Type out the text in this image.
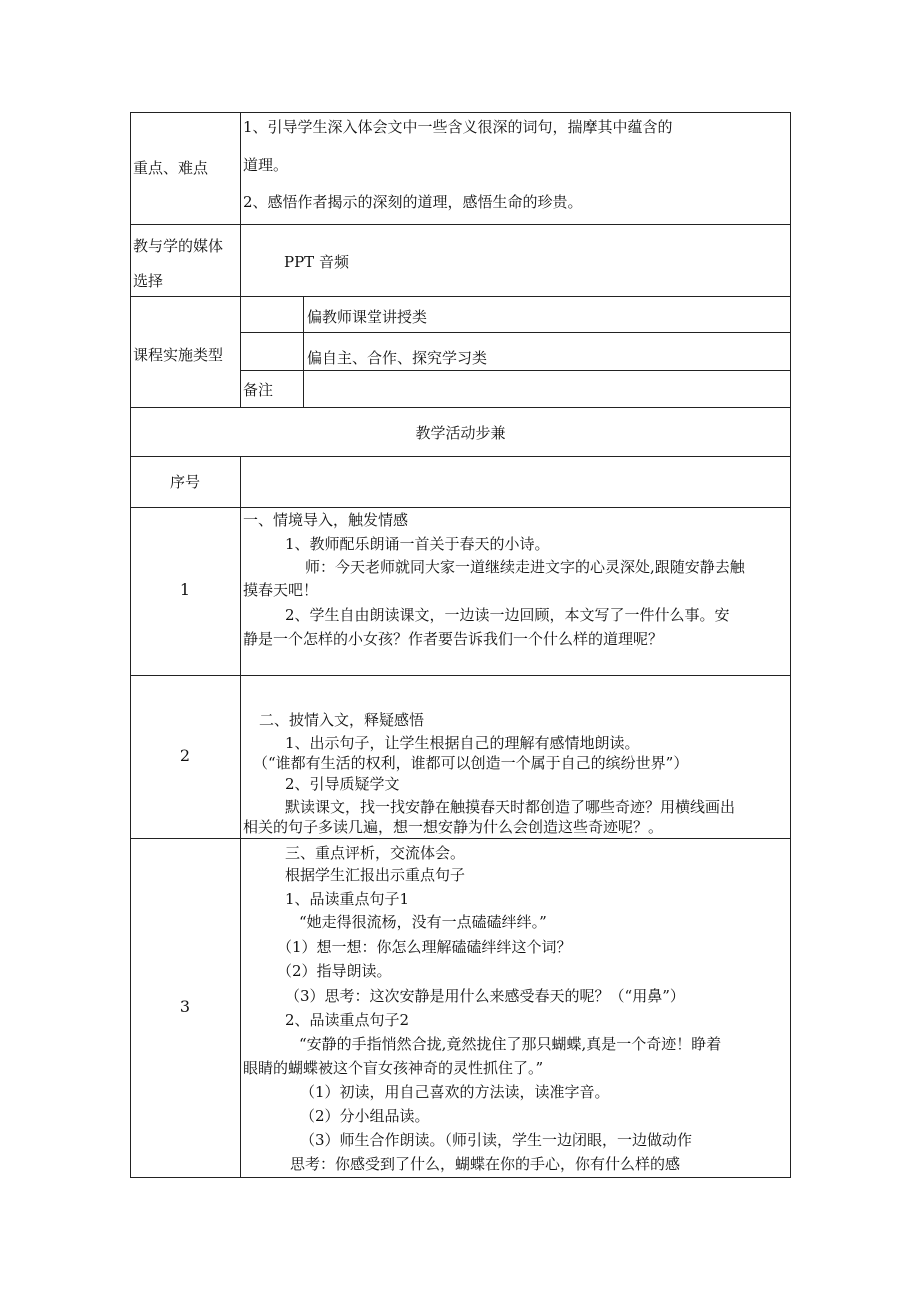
重点、难点
1、引导学生深入体会文中一些含义很深的词句，揣摩其中蕴含的
道理。
2、感悟作者揭示的深刻的道理，感悟生命的珍贵。
教与学的媒体
选择
PPT 音频
课程实施类型
偏教师课堂讲授类
偏自主、合作、探究学习类
备注
教学活动步兼
序号
1
一、情境导入，触发情感
1、教师配乐朗诵一首关于春天的小诗。
师：今天老师就同大家一道继续走进文字的心灵深处,跟随安静去触
摸春天吧！
2、学生自由朗读课文，一边读一边回顾，本文写了一件什么事。安
静是一个怎样的小女孩？作者要告诉我们一个什么样的道理呢？
2
二、披情入文，释疑感悟
1、出示句子，让学生根据自己的理解有感情地朗读。
（“谁都有生活的权利，谁都可以创造一个属于自己的缤纷世界”）
2、引导质疑学文
默读课文，找一找安静在触摸春天时都创造了哪些奇迹？用横线画出
相关的句子多读几遍，想一想安静为什么会创造这些奇迹呢？。
3
三、重点评析，交流体会。
根据学生汇报出示重点句子
1、品读重点句子1
“她走得很流杨，没有一点磕磕绊绊。”
（1）想一想：你怎么理解磕磕绊绊这个词？
（2）指导朗读。
（3）思考：这次安静是用什么来感受春天的呢？（“用鼻”）
2、品读重点句子2
“安静的手指悄然合拢,竟然拢住了那只蝴蝶,真是一个奇迹！睁着
眼睛的蝴蝶被这个盲女孩神奇的灵性抓住了。”
（1）初读，用自己喜欢的方法读，读准字音。
（2）分小组品读。
（3）师生合作朗读。（师引读，学生一边闭眼，一边做动作
思考：你感受到了什么，蝴蝶在你的手心，你有什么样的感
